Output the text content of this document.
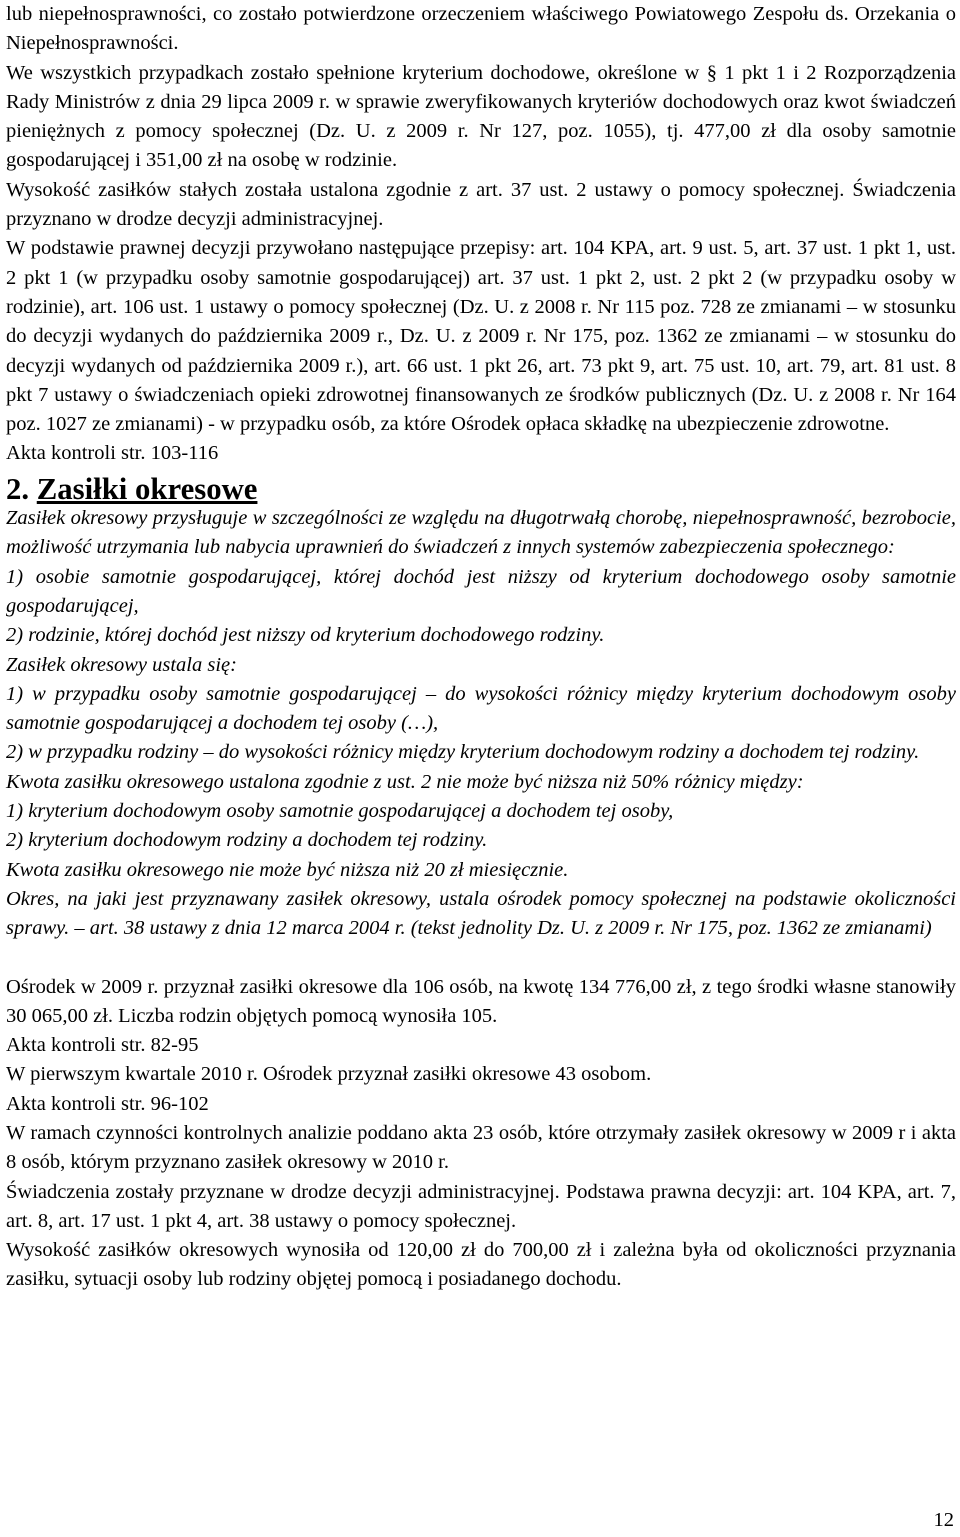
lub niepełnosprawności, co zostało potwierdzone orzeczeniem właściwego Powiatowego Zespołu ds. Orzekania o Niepełnosprawności.

We wszystkich przypadkach zostało spełnione kryterium dochodowe, określone w § 1 pkt 1 i 2 Rozporządzenia Rady Ministrów z dnia 29 lipca 2009 r. w sprawie zweryfikowanych kryteriów dochodowych oraz kwot świadczeń pieniężnych z pomocy społecznej (Dz. U. z 2009 r. Nr 127, poz. 1055), tj. 477,00 zł dla osoby samotnie gospodarującej i 351,00 zł na osobę w rodzinie.

Wysokość zasiłków stałych została ustalona zgodnie z art. 37 ust. 2 ustawy o pomocy społecznej. Świadczenia przyznano w drodze decyzji administracyjnej.

W podstawie prawnej decyzji przywołano następujące przepisy: art. 104 KPA, art. 9 ust. 5, art. 37 ust. 1 pkt 1, ust. 2 pkt 1 (w przypadku osoby samotnie gospodarującej) art. 37 ust. 1 pkt 2, ust. 2 pkt 2 (w przypadku osoby w rodzinie), art. 106 ust. 1 ustawy o pomocy społecznej (Dz. U. z 2008 r. Nr 115 poz. 728 ze zmianami – w stosunku do decyzji wydanych do października 2009 r., Dz. U. z 2009 r. Nr 175, poz. 1362 ze zmianami – w stosunku do decyzji wydanych od października 2009 r.), art. 66 ust. 1 pkt 26, art. 73 pkt 9, art. 75 ust. 10, art. 79, art. 81 ust. 8 pkt 7 ustawy o świadczeniach opieki zdrowotnej finansowanych ze środków publicznych (Dz. U. z 2008 r. Nr 164 poz. 1027 ze zmianami) - w przypadku osób, za które Ośrodek opłaca składkę na ubezpieczenie zdrowotne.

Akta kontroli str. 103-116

2. Zasiłki okresowe

Zasiłek okresowy przysługuje w szczególności ze względu na długotrwałą chorobę, niepełnosprawność, bezrobocie, możliwość utrzymania lub nabycia uprawnień do świadczeń z innych systemów zabezpieczenia społecznego:

1) osobie samotnie gospodarującej, której dochód jest niższy od kryterium dochodowego osoby samotnie gospodarującej,

2) rodzinie, której dochód jest niższy od kryterium dochodowego rodziny.

Zasiłek okresowy ustala się:

1) w przypadku osoby samotnie gospodarującej – do wysokości różnicy między kryterium dochodowym osoby samotnie gospodarującej a dochodem tej osoby (…),

2) w przypadku rodziny – do wysokości różnicy między kryterium dochodowym rodziny a dochodem tej rodziny.

Kwota zasiłku okresowego ustalona zgodnie z ust. 2 nie może być niższa niż 50% różnicy między:

1) kryterium dochodowym osoby samotnie gospodarującej a dochodem tej osoby,

2) kryterium dochodowym rodziny a dochodem tej rodziny.

Kwota zasiłku okresowego nie może być niższa niż 20 zł miesięcznie.

Okres, na jaki jest przyznawany zasiłek okresowy, ustala ośrodek pomocy społecznej na podstawie okoliczności sprawy. – art. 38 ustawy z dnia 12 marca 2004 r. (tekst jednolity Dz. U. z 2009 r. Nr 175, poz. 1362 ze zmianami)

Ośrodek w 2009 r. przyznał zasiłki okresowe dla 106 osób, na kwotę 134 776,00 zł, z tego środki własne stanowiły 30 065,00 zł. Liczba rodzin objętych pomocą wynosiła 105.

Akta kontroli str. 82-95

W pierwszym kwartale 2010 r. Ośrodek przyznał zasiłki okresowe 43 osobom.

Akta kontroli str. 96-102

W ramach czynności kontrolnych analizie poddano akta 23 osób, które otrzymały zasiłek okresowy w 2009 r i akta 8 osób, którym przyznano zasiłek okresowy w 2010 r.

Świadczenia zostały przyznane w drodze decyzji administracyjnej. Podstawa prawna decyzji: art. 104 KPA, art. 7, art. 8, art. 17 ust. 1 pkt 4, art. 38 ustawy o pomocy społecznej.

Wysokość zasiłków okresowych wynosiła od 120,00 zł do 700,00 zł i zależna była od okoliczności przyznania zasiłku, sytuacji osoby lub rodziny objętej pomocą i posiadanego dochodu.

12
